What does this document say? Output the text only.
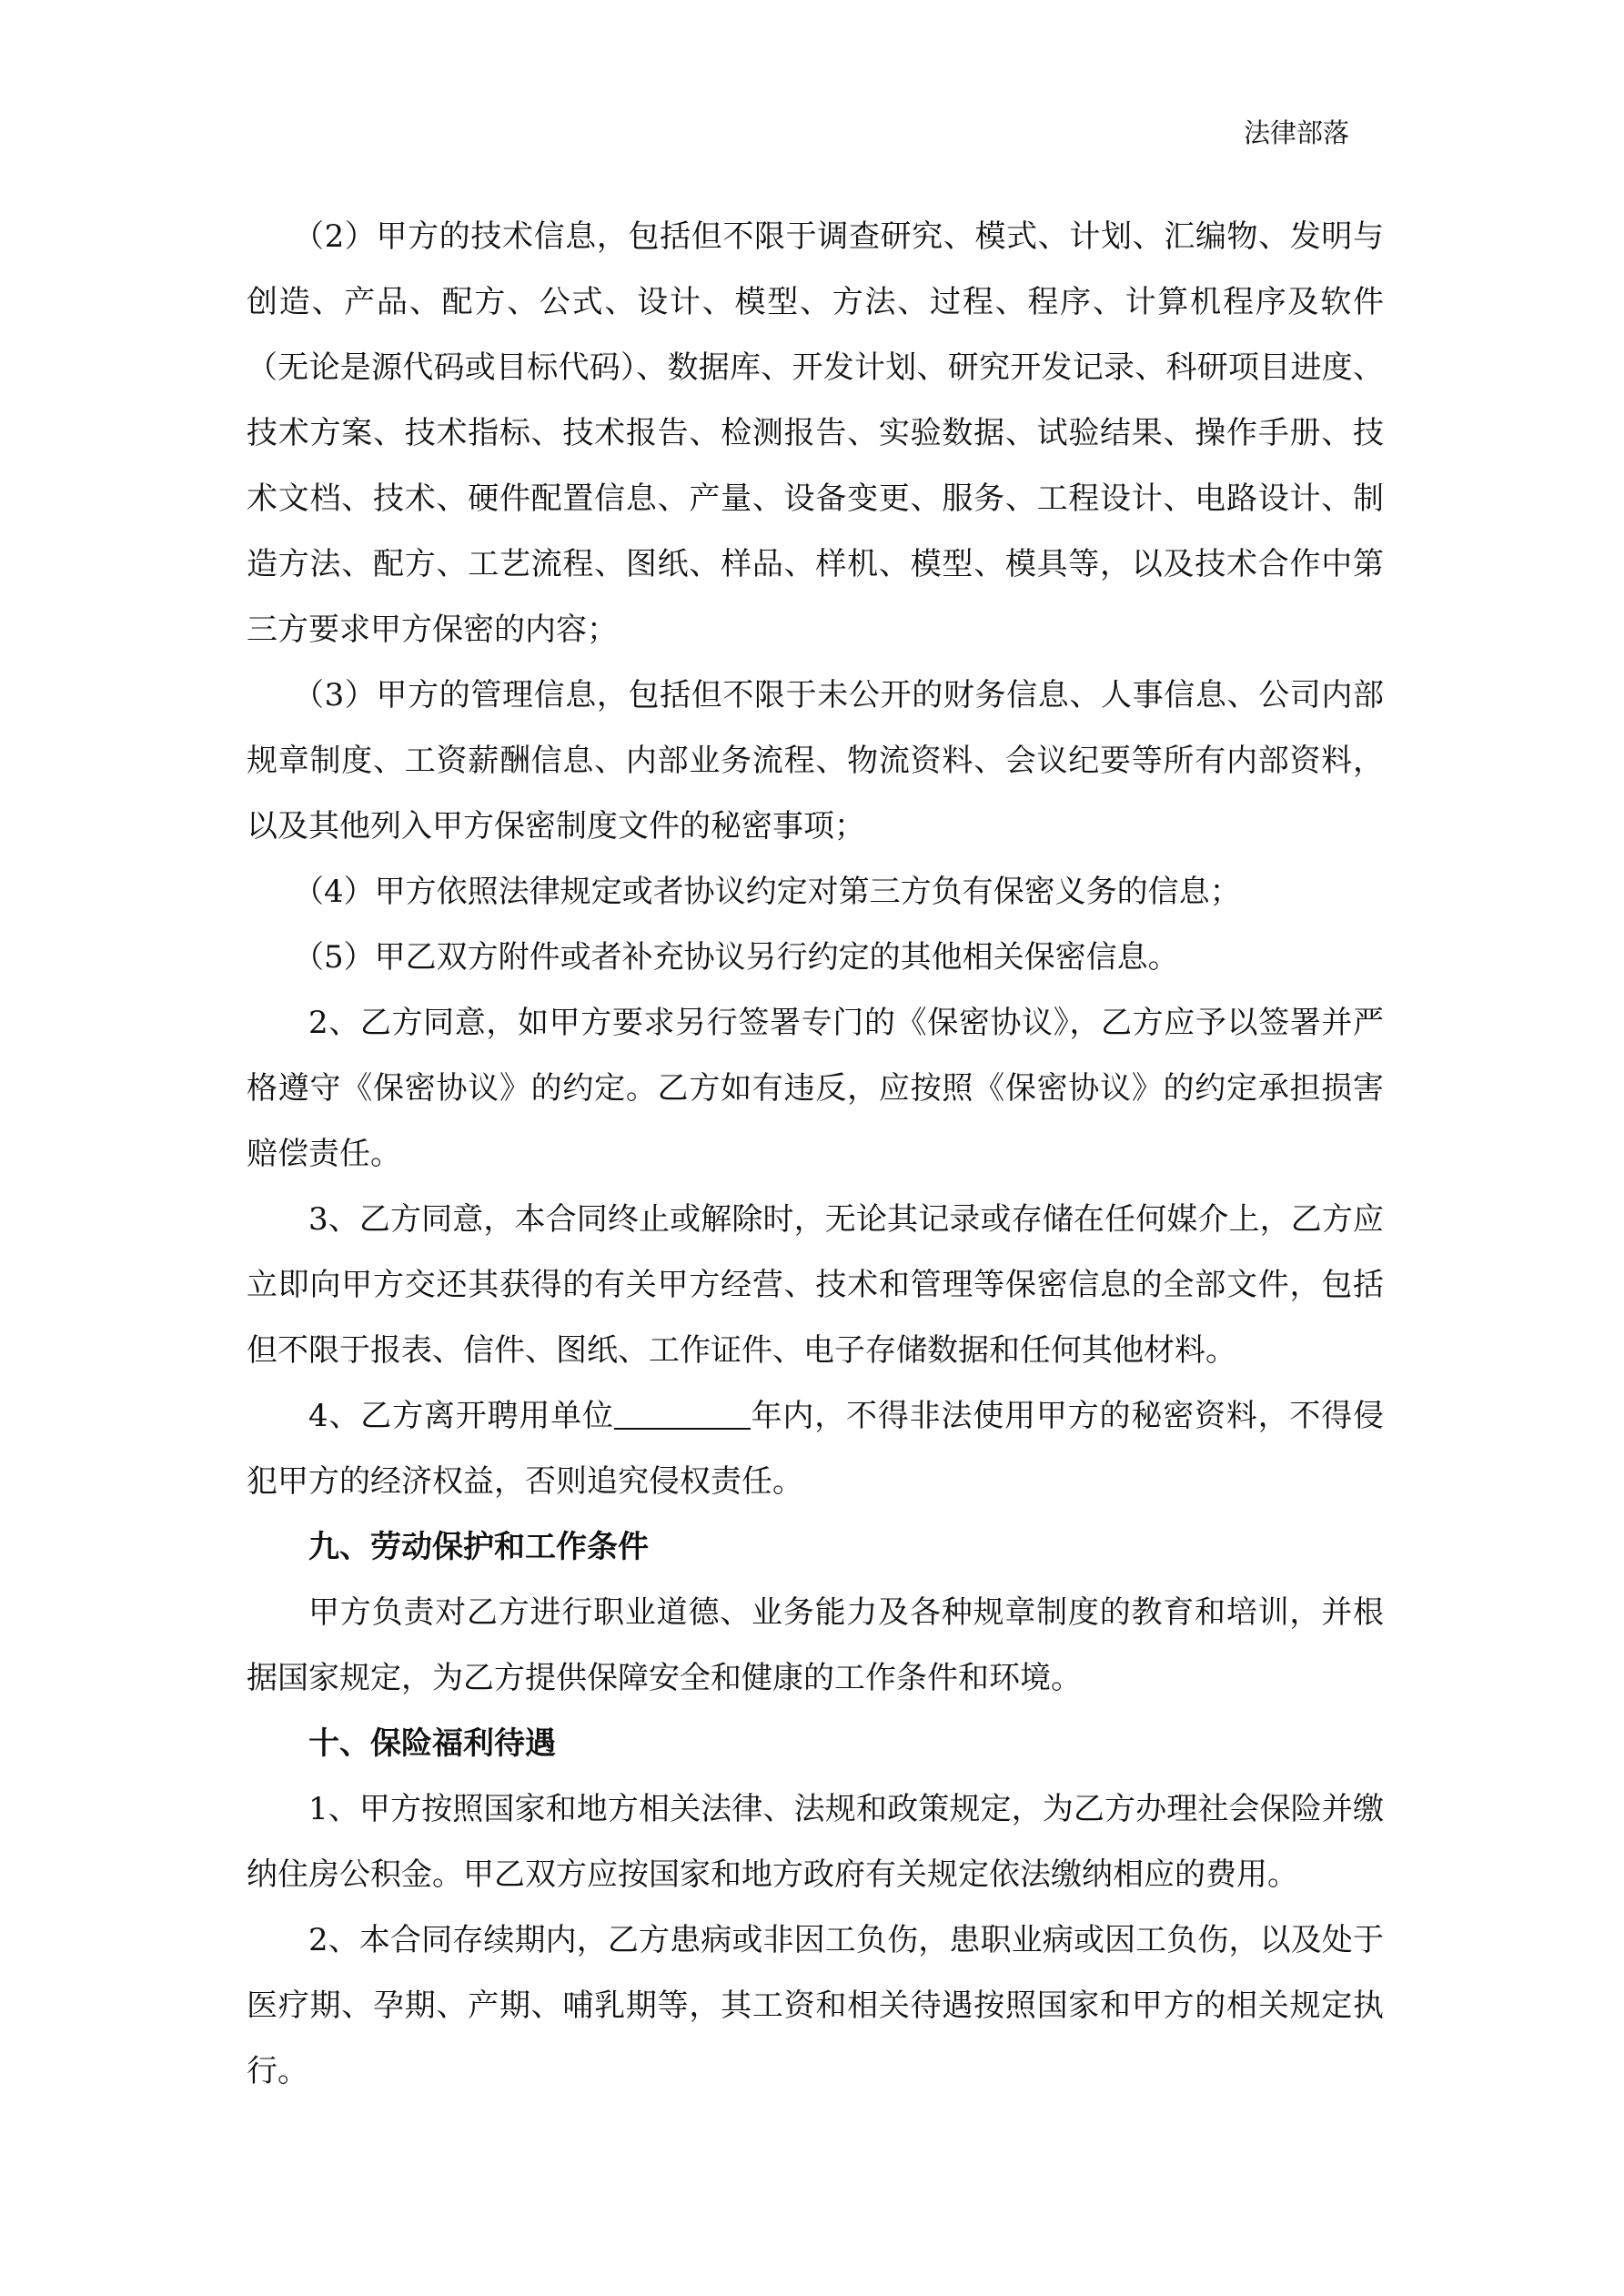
法律部落

（2）甲方的技术信息，包括但不限于调查研究、模式、计划、汇编物、发明与创造、产品、配方、公式、设计、模型、方法、过程、程序、计算机程序及软件（无论是源代码或目标代码）、数据库、开发计划、研究开发记录、科研项目进度、技术方案、技术指标、技术报告、检测报告、实验数据、试验结果、操作手册、技术文档、技术、硬件配置信息、产量、设备变更、服务、工程设计、电路设计、制造方法、配方、工艺流程、图纸、样品、样机、模型、模具等，以及技术合作中第三方要求甲方保密的内容；

（3）甲方的管理信息，包括但不限于未公开的财务信息、人事信息、公司内部规章制度、工资薪酬信息、内部业务流程、物流资料、会议纪要等所有内部资料，以及其他列入甲方保密制度文件的秘密事项；

（4）甲方依照法律规定或者协议约定对第三方负有保密义务的信息；

（5）甲乙双方附件或者补充协议另行约定的其他相关保密信息。

2、乙方同意，如甲方要求另行签署专门的《保密协议》，乙方应予以签署并严格遵守《保密协议》的约定。乙方如有违反，应按照《保密协议》的约定承担损害赔偿责任。

3、乙方同意，本合同终止或解除时，无论其记录或存储在任何媒介上，乙方应立即向甲方交还其获得的有关甲方经营、技术和管理等保密信息的全部文件，包括但不限于报表、信件、图纸、工作证件、电子存储数据和任何其他材料。

4、乙方离开聘用单位	年内，不得非法使用甲方的秘密资料，不得侵犯甲方的经济权益，否则追究侵权责任。

九、劳动保护和工作条件

甲方负责对乙方进行职业道德、业务能力及各种规章制度的教育和培训，并根据国家规定，为乙方提供保障安全和健康的工作条件和环境。

十、保险福利待遇

1、甲方按照国家和地方相关法律、法规和政策规定，为乙方办理社会保险并缴纳住房公积金。甲乙双方应按国家和地方政府有关规定依法缴纳相应的费用。

2、本合同存续期内，乙方患病或非因工负伤，患职业病或因工负伤，以及处于医疗期、孕期、产期、哺乳期等，其工资和相关待遇按照国家和甲方的相关规定执行。
